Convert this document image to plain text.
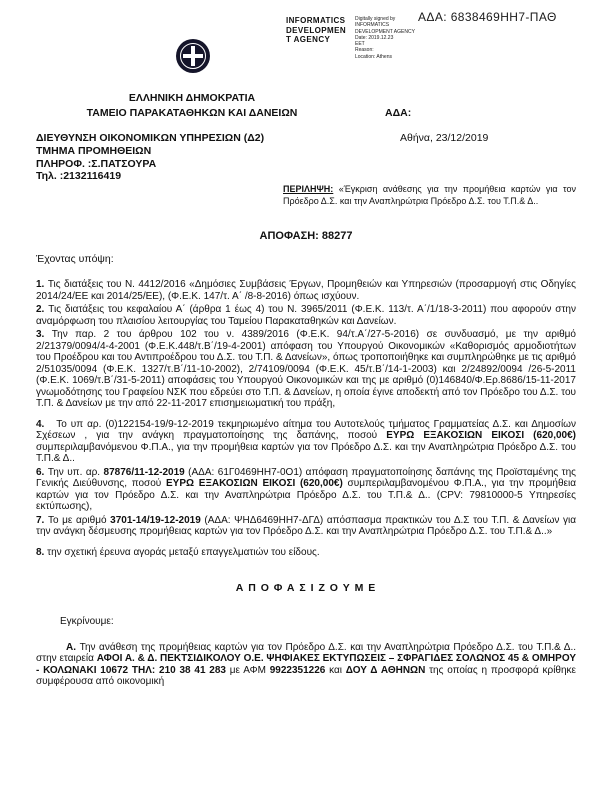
ΑΔΑ: 6838469ΗΗ7-ΠΑΘ
INFORMATICS
DEVELOPMEN
T AGENCY
Digitally signed by
INFORMATICS
DEVELOPMENT AGENCY
Date: 2019.12.23
EET
Reason:
Location: Athens
ΕΛΛΗΝΙΚΗ ΔΗΜΟΚΡΑΤΙΑ
ΤΑΜΕΙΟ ΠΑΡΑΚΑΤΑΘΗΚΩΝ ΚΑΙ ΔΑΝΕΙΩΝ	ΑΔΑ:
ΔΙΕΥΘΥΝΣΗ ΟΙΚΟΝΟΜΙΚΩΝ ΥΠΗΡΕΣΙΩΝ (Δ2)
ΤΜΗΜΑ ΠΡΟΜΗΘΕΙΩΝ
ΠΛΗΡΟΦ. :Σ.ΠΑΤΣΟΥΡΑ
Τηλ. :2132116419
Αθήνα, 23/12/2019
ΠΕΡΙΛΗΨΗ: «Έγκριση ανάθεσης για την προμήθεια καρτών για τον Πρόεδρο Δ.Σ. και την Αναπληρώτρια Πρόεδρο Δ.Σ. του Τ.Π.& Δ..
ΑΠΟΦΑΣΗ: 88277
Έχοντας υπόψη:

1. Τις διατάξεις του Ν. 4412/2016 «Δημόσιες Συμβάσεις Έργων, Προμηθειών και Υπηρεσιών (προσαρμογή στις Οδηγίες 2014/24/ΕΕ και 2014/25/ΕΕ), (Φ.Ε.Κ. 147/τ. Α΄ /8-8-2016) όπως ισχύουν.

2. Τις διατάξεις του κεφαλαίου Α΄ (άρθρα 1 έως 4) του Ν. 3965/2011 (Φ.Ε.Κ. 113/τ. Α΄/1/18-3-2011) που αφορούν στην αναμόρφωση του πλαισίου λειτουργίας του Ταμείου Παρακαταθηκών και Δανείων.

3. Την παρ. 2 του άρθρου 102 του ν. 4389/2016 (Φ.Ε.Κ. 94/τ.Α΄/27-5-2016) σε συνδυασμό, με την αριθμό 2/21379/0094/4-4-2001 (Φ.Ε.Κ.448/τ.Β΄/19-4-2001) απόφαση του Υπουργού Οικονομικών «Καθορισμός αρμοδιοτήτων του Προέδρου και του Αντιπροέδρου του Δ.Σ. του Τ.Π. & Δανείων», όπως τροποποιήθηκε και συμπληρώθηκε με τις αριθμό 2/51035/0094 (Φ.Ε.Κ. 1327/τ.Β΄/11-10-2002), 2/74109/0094 (Φ.Ε.Κ. 45/τ.Β΄/14-1-2003) και 2/24892/0094 /26-5-2011 (Φ.Ε.Κ. 1069/τ.Β΄/31-5-2011) αποφάσεις του Υπουργού Οικονομικών και της με αριθμό (0)146840/Φ.Ερ.8686/15-11-2017 γνωμοδότησης του Γραφείου ΝΣΚ που εδρεύει στο Τ.Π. & Δανείων, η οποία έγινε αποδεκτή από τον Πρόεδρο του Δ.Σ. του Τ.Π. & Δανείων με την από 22-11-2017 επισημειωματική του πράξη,

4.   Το υπ αρ. (0)122154-19/9-12-2019 τεκμηριωμένο αίτημα του Αυτοτελούς τμήματος Γραμματείας Δ.Σ. και Δημοσίων Σχέσεων , για την ανάγκη πραγματοποίησης της δαπάνης, ποσού ΕΥΡΩ ΕΞΑΚΟΣΙΩΝ ΕΙΚΟΣΙ (620,00€) συμπεριλαμβανόμενου Φ.Π.Α., για την προμήθεια καρτών για τον Πρόεδρο Δ.Σ. και την Αναπληρώτρια Πρόεδρο Δ.Σ. του Τ.Π.& Δ..

6. Την υπ. αρ. 87876/11-12-2019 (ΑΔΑ: 61Γ0469ΗΗ7-0Ο1) απόφαση πραγματοποίησης δαπάνης της Προϊσταμένης της Γενικής Διεύθυνσης, ποσού ΕΥΡΩ ΕΞΑΚΟΣΙΩΝ ΕΙΚΟΣΙ (620,00€) συμπεριλαμβανομένου Φ.Π.Α., για την προμήθεια καρτών για τον Πρόεδρο Δ.Σ. και την Αναπληρώτρια Πρόεδρο Δ.Σ. του Τ.Π.& Δ.. (CPV: 79810000-5 Υπηρεσίες εκτύπωσης),

7. Το με αριθμό 3701-14/19-12-2019 (ΑΔΑ: ΨΗΔ6469ΗΗ7-ΔΓΔ) απόσπασμα πρακτικών του Δ.Σ του Τ.Π. & Δανείων για την ανάγκη δέσμευσης προμήθειας καρτών για τον Πρόεδρο Δ.Σ. και την Αναπληρώτρια Πρόεδρο Δ.Σ. του Τ.Π.& Δ..»

8. την σχετική έρευνα αγοράς μεταξύ επαγγελματιών του είδους.

Α Π Ο Φ Α Σ Ι Ζ Ο Υ Μ Ε
Εγκρίνουμε:

Α. Την ανάθεση της προμήθειας καρτών για τον Πρόεδρο Δ.Σ. και την Αναπληρώτρια Πρόεδρο Δ.Σ. του Τ.Π.& Δ.. στην εταιρεία ΑΦΟΙ Α. & Δ. ΠΕΚΤΣΙΔΙΚΟΛΟΥ Ο.Ε. ΨΗΦΙΑΚΕΣ ΕΚΤΥΠΩΣΕΙΣ – ΣΦΡΑΓΙΔΕΣ ΣΟΛΩΝΟΣ 45 & ΟΜΗΡΟΥ - ΚΟΛΩΝΑΚΙ 10672 ΤΗΛ: 210 38 41 283 με ΑΦΜ 9922351226 και ΔΟΥ Δ ΑΘΗΝΩΝ της οποίας η προσφορά κρίθηκε συμφέρουσα από οικονομική
